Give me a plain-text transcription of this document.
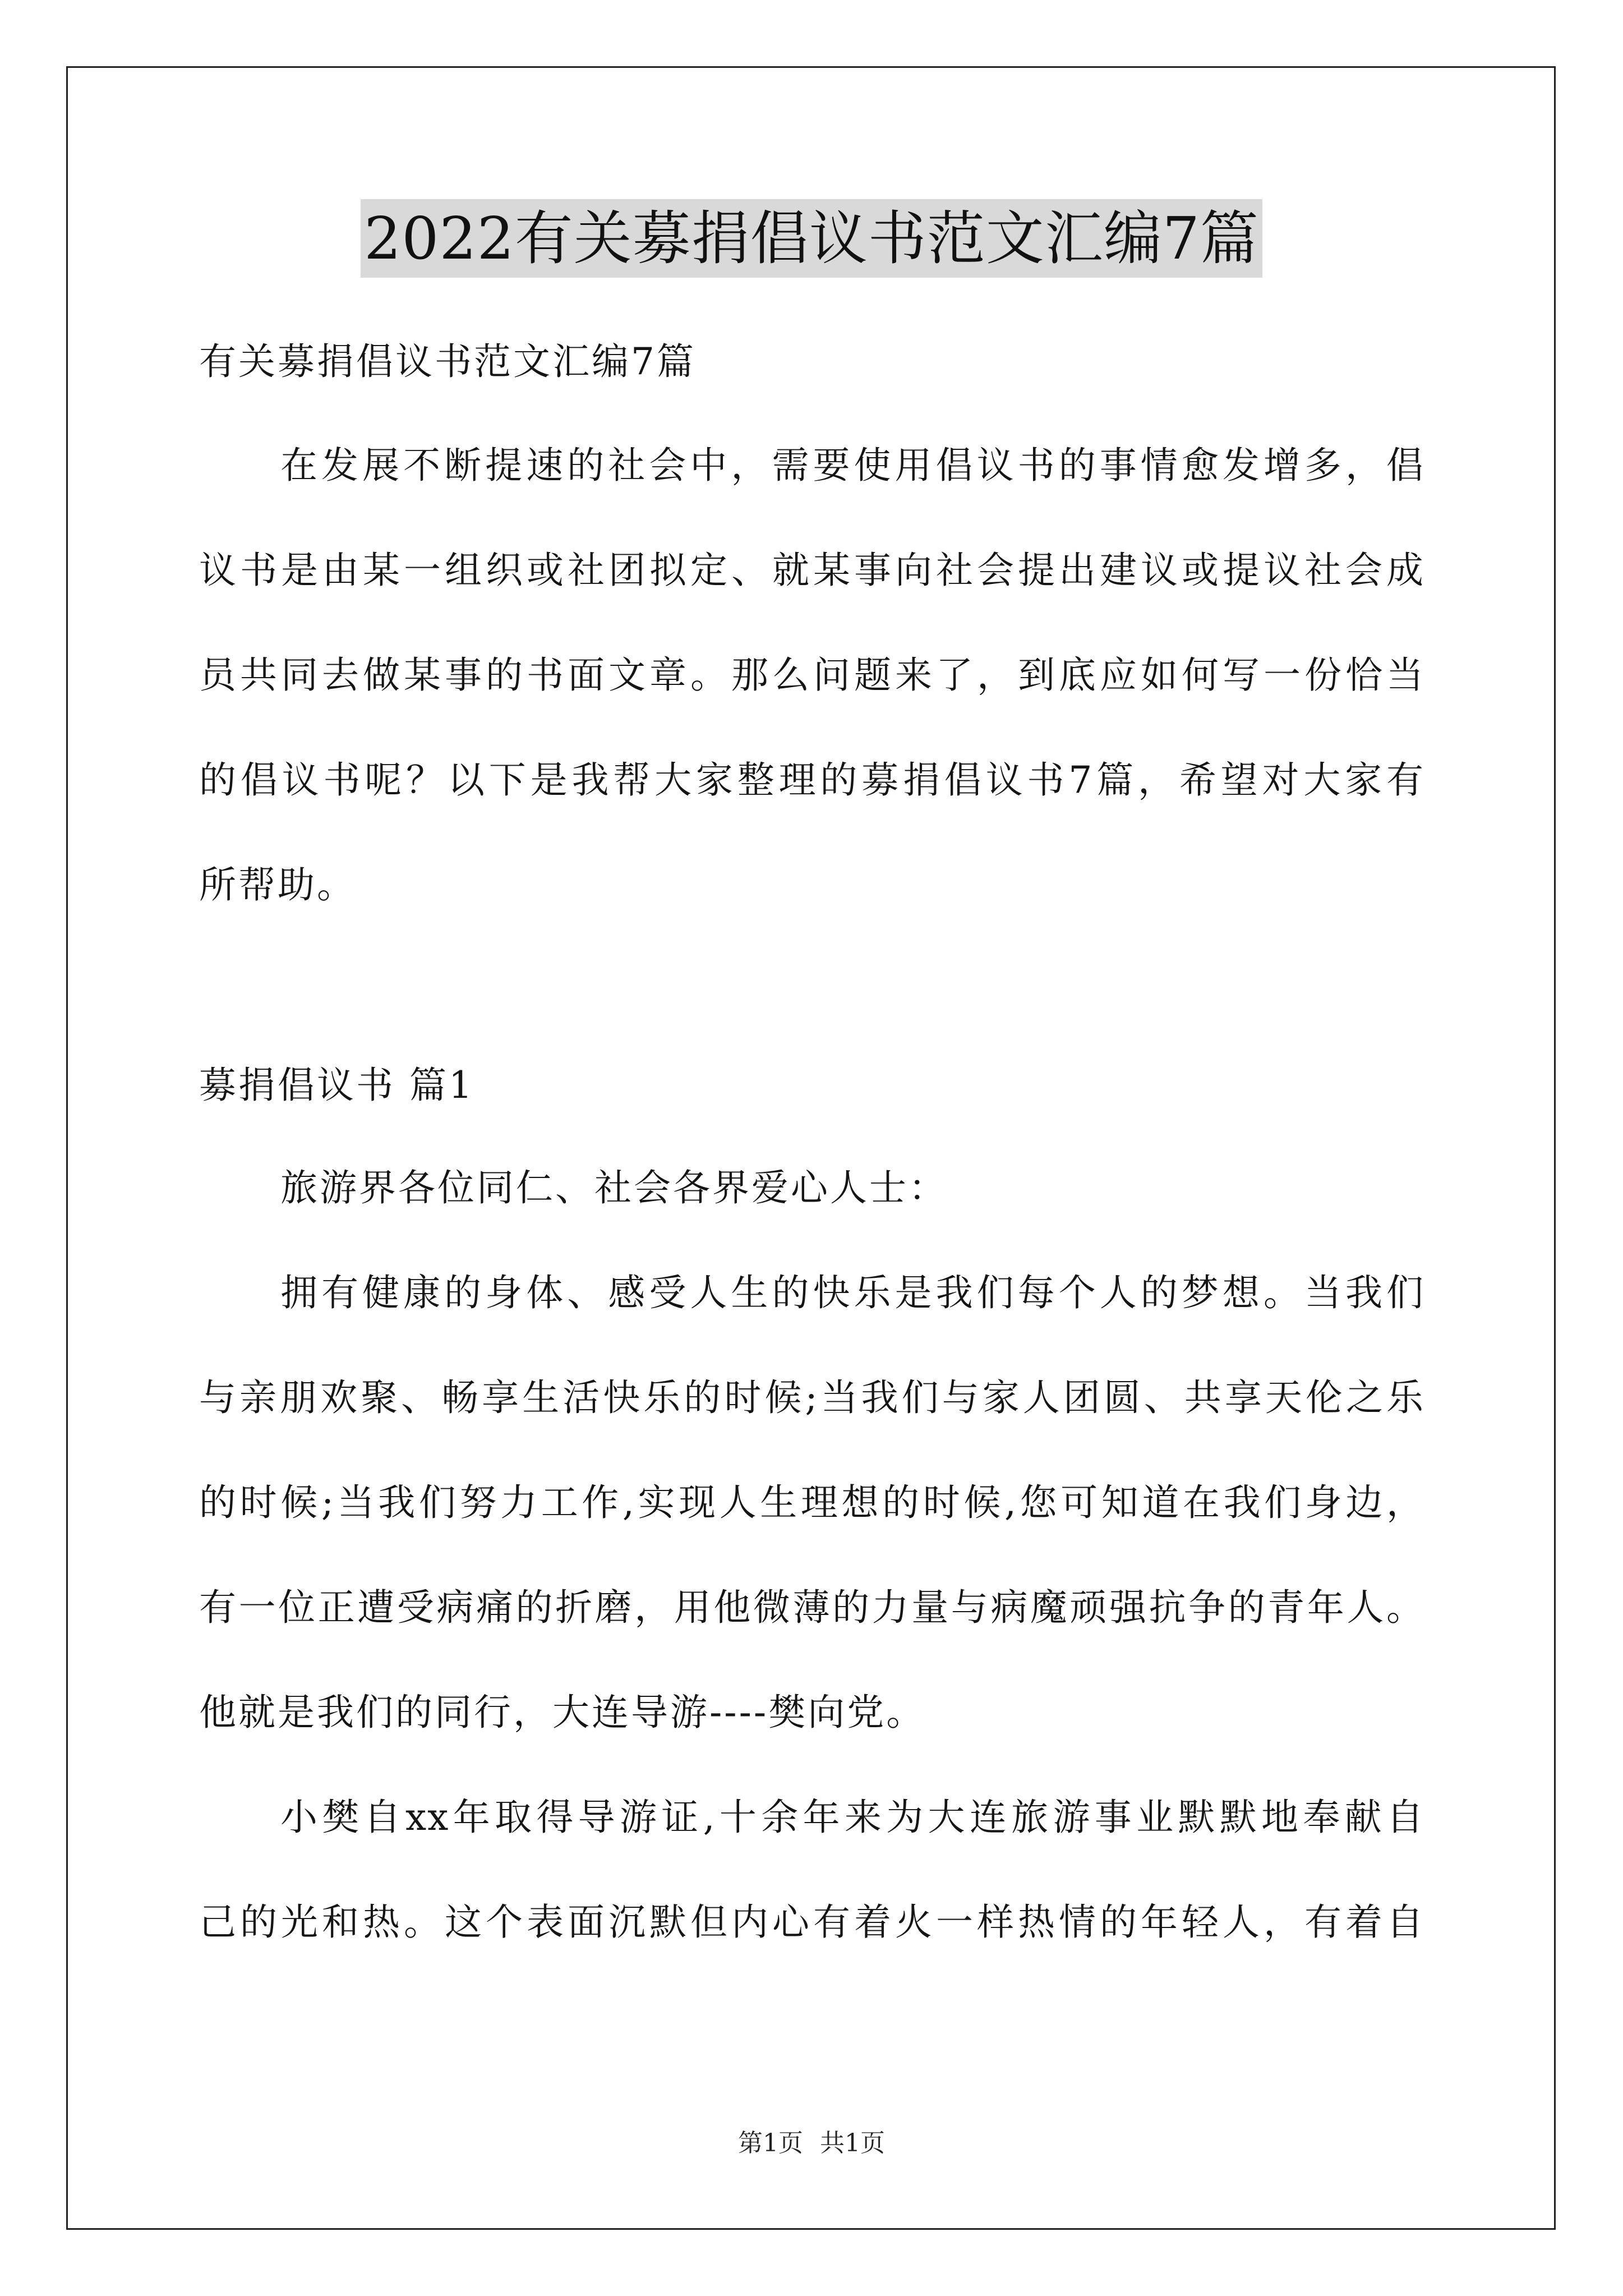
2022有关募捐倡议书范文汇编7篇
有关募捐倡议书范文汇编7篇
在发展不断提速的社会中，需要使用倡议书的事情愈发增多，倡
议书是由某一组织或社团拟定、就某事向社会提出建议或提议社会成
员共同去做某事的书面文章。那么问题来了，到底应如何写一份恰当
的倡议书呢？以下是我帮大家整理的募捐倡议书7篇，希望对大家有
所帮助。
募捐倡议书 篇1
旅游界各位同仁、社会各界爱心人士：
拥有健康的身体、感受人生的快乐是我们每个人的梦想。当我们
与亲朋欢聚、畅享生活快乐的时候;当我们与家人团圆、共享天伦之乐
的时候;当我们努力工作,实现人生理想的时候,您可知道在我们身边，
有一位正遭受病痛的折磨，用他微薄的力量与病魔顽强抗争的青年人。
他就是我们的同行，大连导游----樊向党。
小樊自xx年取得导游证,十余年来为大连旅游事业默默地奉献自
己的光和热。这个表面沉默但内心有着火一样热情的年轻人，有着自
第1页 共1页
